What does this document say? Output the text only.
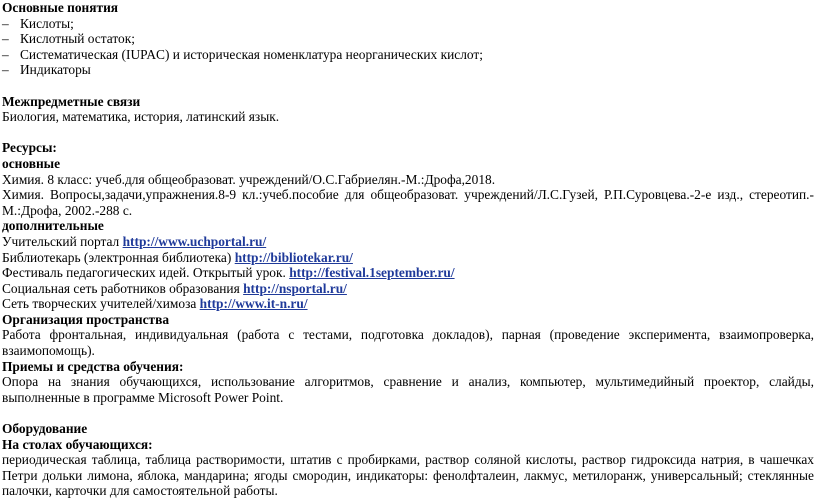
Основные понятия

– Кислоты;
– Кислотный остаток;
– Систематическая (IUPAC) и историческая номенклатура неорганических кислот;
– Индикаторы

Межпредметные связи

Биология, математика, история, латинский язык.

Ресурсы:

основные

Химия. 8 класс: учеб.для общеобразоват. учреждений/О.С.Габриелян.-М.:Дрофа,2018.

Химия. Вопросы,задачи,упражнения.8-9 кл.:учеб.пособие для общеобразоват. учреждений/Л.С.Гузей, Р.П.Суровцева.-2-е изд., стереотип.- М.:Дрофа, 2002.-288 с.

дополнительные

Учительский портал http://www.uchportal.ru/

Библиотекарь (электронная библиотека) http://bibliotekar.ru/

Фестиваль педагогических идей. Открытый урок. http://festival.1september.ru/

Социальная сеть работников образования http://nsportal.ru/

Сеть творческих учителей/химоза http://www.it-n.ru/

Организация пространства

Работа фронтальная, индивидуальная (работа с тестами, подготовка докладов), парная (проведение эксперимента, взаимопроверка, взаимопомощь).

Приемы и средства обучения:

Опора на знания обучающихся, использование алгоритмов, сравнение и анализ, компьютер, мультимедийный проектор, слайды, выполненные в программе Microsoft Power Point.

Оборудование

На столах обучающихся:

периодическая таблица, таблица растворимости, штатив с пробирками, раствор соляной кислоты, раствор гидроксида натрия, в чашечках Петри дольки лимона, яблока, мандарина; ягоды смородин, индикаторы: фенолфталеин, лакмус, метилоранж, универсальный; стеклянные палочки, карточки для самостоятельной работы.
